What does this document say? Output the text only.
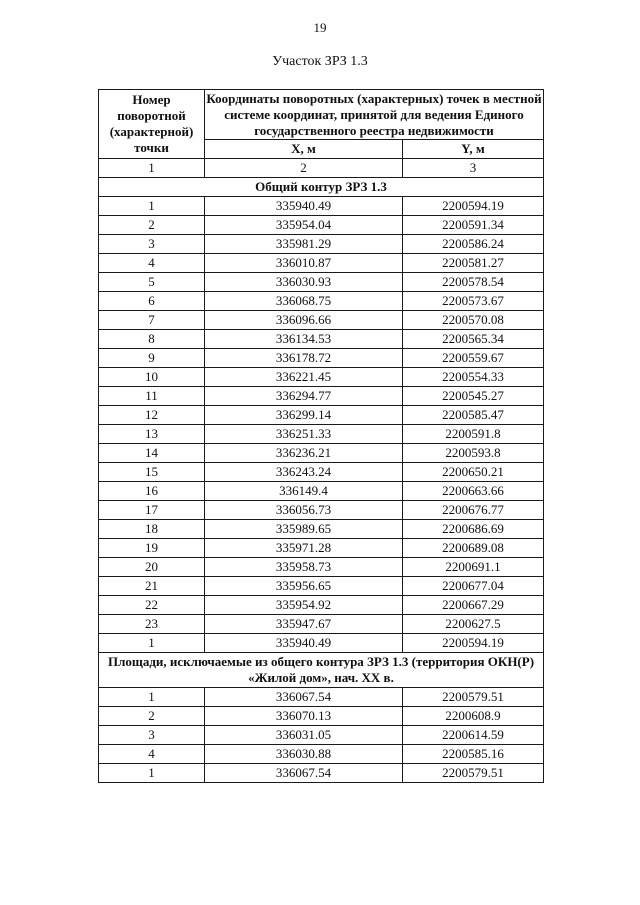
19
Участок ЗРЗ 1.3
Номер
поворотной
(характерной)
точки	Координаты поворотных (характерных) точек в местной системе координат, принятой для ведения Единого государственного реестра недвижимости	
	X, м	Y, м
1	2	3
Общий контур ЗРЗ 1.3		
1	335940.49	2200594.19
2	335954.04	2200591.34
3	335981.29	2200586.24
4	336010.87	2200581.27
5	336030.93	2200578.54
6	336068.75	2200573.67
7	336096.66	2200570.08
8	336134.53	2200565.34
9	336178.72	2200559.67
10	336221.45	2200554.33
11	336294.77	2200545.27
12	336299.14	2200585.47
13	336251.33	2200591.8
14	336236.21	2200593.8
15	336243.24	2200650.21
16	336149.4	2200663.66
17	336056.73	2200676.77
18	335989.65	2200686.69
19	335971.28	2200689.08
20	335958.73	2200691.1
21	335956.65	2200677.04
22	335954.92	2200667.29
23	335947.67	2200627.5
1	335940.49	2200594.19
Площади, исключаемые из общего контура ЗРЗ 1.3 (территория ОКН(Р) «Жилой дом», нач. XX в.		
1	336067.54	2200579.51
2	336070.13	2200608.9
3	336031.05	2200614.59
4	336030.88	2200585.16
1	336067.54	2200579.51
